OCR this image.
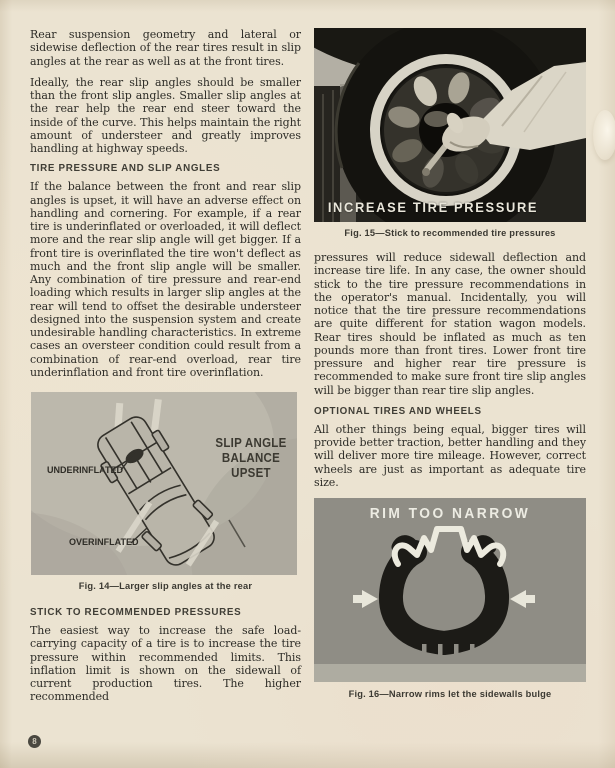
Rear suspension geometry and lateral or sidewise deflection of the rear tires result in slip angles at the rear as well as at the front tires.

Ideally, the rear slip angles should be smaller than the front slip angles. Smaller slip angles at the rear help the rear end steer toward the inside of the curve. This helps maintain the right amount of understeer and greatly improves handling at highway speeds.

TIRE PRESSURE AND SLIP ANGLES

If the balance between the front and rear slip angles is upset, it will have an adverse effect on handling and cornering. For example, if a rear tire is underinflated or overloaded, it will deflect more and the rear slip angle will get bigger. If a front tire is overinflated the tire won't deflect as much and the front slip angle will be smaller. Any combination of tire pressure and rear-end loading which results in larger slip angles at the rear will tend to offset the desirable understeer designed into the suspension system and create undesirable handling characteristics. In extreme cases an oversteer condition could result from a combination of rear-end overload, rear tire underinflation and front tire overinflation.

UNDERINFLATED
OVERINFLATED
SLIP ANGLE BALANCE UPSET
Fig. 14—Larger slip angles at the rear
STICK TO RECOMMENDED PRESSURES

The easiest way to increase the safe load-carrying capacity of a tire is to increase the tire pressure within recommended limits. This inflation limit is shown on the sidewall of current production tires. The higher recommended

INCREASE TIRE PRESSURE
Fig. 15—Stick to recommended tire pressures

pressures will reduce sidewall deflection and increase tire life. In any case, the owner should stick to the tire pressure recommendations in the operator's manual. Incidentally, you will notice that the tire pressure recommendations are quite different for station wagon models. Rear tires should be inflated as much as ten pounds more than front tires. Lower front tire pressure and higher rear tire pressure is recommended to make sure front tire slip angles will be bigger than rear tire slip angles.

OPTIONAL TIRES AND WHEELS

All other things being equal, bigger tires will provide better traction, better handling and they will deliver more tire mileage. However, correct wheels are just as important as adequate tire size.

RIM TOO NARROW
Fig. 16—Narrow rims let the sidewalls bulge
8
